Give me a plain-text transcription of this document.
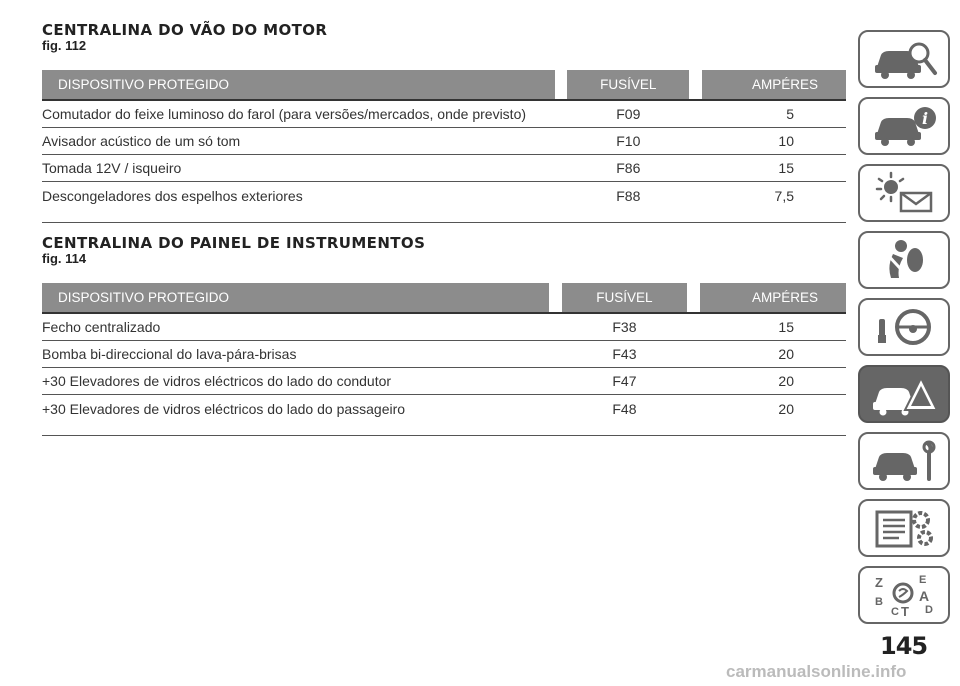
CENTRALINA DO VÃO DO MOTOR
fig. 112
DISPOSITIVO PROTEGIDO		FUSÍVEL		AMPÉRES
Comutador do feixe luminoso do farol (para versões/mercados, onde previsto)		F09		5
Avisador acústico de um só tom		F10		10
Tomada 12V / isqueiro		F86		15
Descongeladores dos espelhos exteriores		F88		7,5
CENTRALINA DO PAINEL DE INSTRUMENTOS
fig. 114
DISPOSITIVO PROTEGIDO		FUSÍVEL		AMPÉRES
Fecho centralizado		F38		15
Bomba bi-direccional do lava-pára-brisas		F43		20
+30 Elevadores de vidros eléctricos do lado do condutor		F47		20
+30 Elevadores de vidros eléctricos do lado do passageiro		F48		20
i
Z	E
B	A
C T D
145
carmanualsonline.info
